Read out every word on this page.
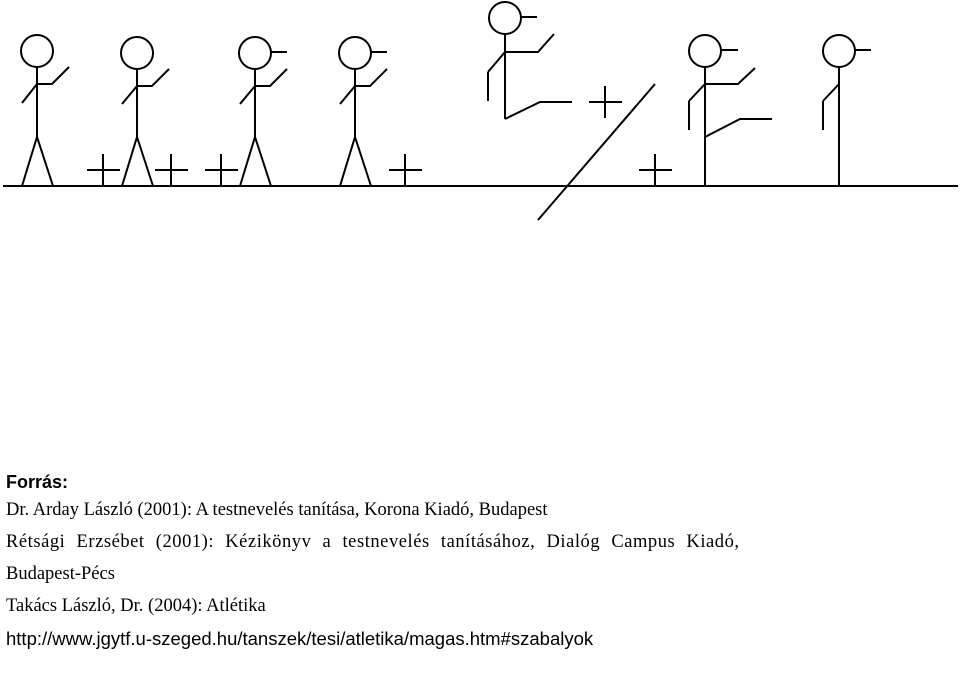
Forrás:
Dr. Arday László (2001): A testnevelés tanítása, Korona Kiadó, Budapest
Rétsági Erzsébet (2001): Kézikönyv a testnevelés tanításához, Dialóg Campus Kiadó,
Budapest-Pécs
Takács László, Dr. (2004): Atlétika
http://www.jgytf.u-szeged.hu/tanszek/tesi/atletika/magas.htm#szabalyok
